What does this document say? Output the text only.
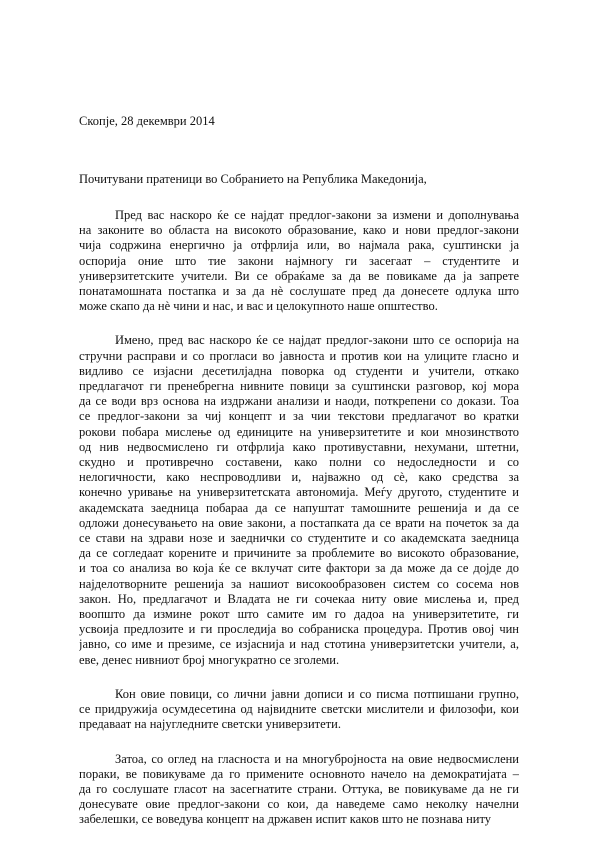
Скопје, 28 декември 2014
Почитувани пратеници во Собранието на Република Македонија,
Пред вас наскоро ќе се најдат предлог-закони за измени и дополнувања
на законите во областа на високото образование, како и нови предлог-закони
чија содржина енергично ја отфрлија или, во најмала рака, суштински ја
оспорија оние што тие закони најмногу ги засегаат – студентите и
универзитетските учители. Ви се обраќаме за да ве повикаме да ја запрете
понатамошната постапка и за да нè сослушате пред да донесете одлука што
може скапо да нè чини и нас, и вас и целокупното наше општество.
Имено, пред вас наскоро ќе се најдат предлог-закони што се оспорија на
стручни расправи и со прогласи во јавноста и против кои на улиците гласно и
видливо се изјасни десетилјадна поворка од студенти и учители, откако
предлагачот ги пренебрегна нивните повици за суштински разговор, кој мора
да се води врз основа на издржани анализи и наоди, поткрепени со докази. Тоа
се предлог-закони за чиј концепт и за чии текстови предлагачот во кратки
рокови побара мислење од единиците на универзитетите и кои мнозинството
од нив недвосмислено ги отфрлија како противуставни, нехумани, штетни,
скудно и противречно составени, како полни со недоследности и со
нелогичности, како неспроводливи и, најважно од сè, како средства за
конечно уривање на универзитетската автономија. Меѓу другото, студентите и
академската заедница побараа да се напуштат тамошните решенија и да се
одложи донесувањето на овие закони, а постапката да се врати на почеток за да
се стави на здрави нозе и заеднички со студентите и со академската заедница
да се согледаат корените и причините за проблемите во високото образование,
и тоа со анализа во која ќе се вклучат сите фактори за да може да се дојде до
најделотворните решенија за нашиот високообразовен систем со сосема нов
закон. Но, предлагачот и Владата не ги сочекаа ниту овие мислења и, пред
воопшто да измине рокот што самите им го дадоа на универзитетите, ги
усвоија предлозите и ги проследија во собраниска процедура. Против овој чин
јавно, со име и презиме, се изјаснија и над стотина универзитетски учители, а,
еве, денес нивниот број многукратно се зголеми.
Кон овие повици, со лични јавни дописи и со писма потпишани групно,
се придружија осумдесетина од највидните светски мислители и филозофи, кои
предаваат на најугледните светски универзитети.
Затоа, со оглед на гласноста и на многубројноста на овие недвосмислени
пораки, ве повикуваме да го примените основното начело на демократијата –
да го сослушате гласот на засегнатите страни. Оттука, ве повикуваме да не ги
донесувате овие предлог-закони со кои, да наведеме само неколку начелни
забелешки, се воведува концепт на државен испит каков што не познава ниту
